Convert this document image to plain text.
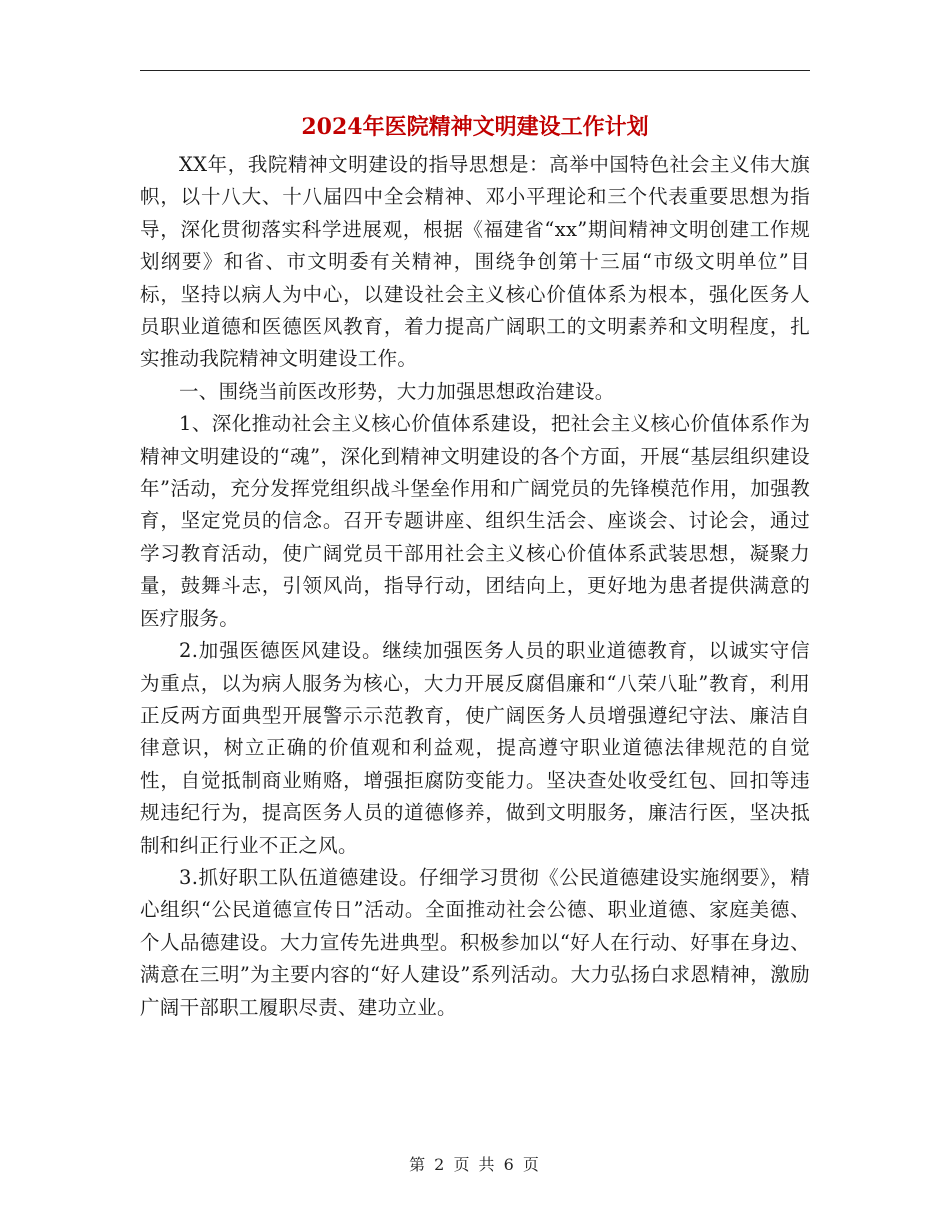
2024年医院精神文明建设工作计划

XX年，我院精神文明建设的指导思想是：高举中国特色社会主义伟大旗帜，以十八大、十八届四中全会精神、邓小平理论和三个代表重要思想为指导，深化贯彻落实科学进展观，根据《福建省“xx”期间精神文明创建工作规划纲要》和省、市文明委有关精神，围绕争创第十三届“市级文明单位”目标，坚持以病人为中心，以建设社会主义核心价值体系为根本，强化医务人员职业道德和医德医风教育，着力提高广阔职工的文明素养和文明程度，扎实推动我院精神文明建设工作。

一、围绕当前医改形势，大力加强思想政治建设。

1、深化推动社会主义核心价值体系建设，把社会主义核心价值体系作为精神文明建设的“魂”，深化到精神文明建设的各个方面，开展“基层组织建设年”活动，充分发挥党组织战斗堡垒作用和广阔党员的先锋模范作用，加强教育，坚定党员的信念。召开专题讲座、组织生活会、座谈会、讨论会，通过学习教育活动，使广阔党员干部用社会主义核心价值体系武装思想，凝聚力量，鼓舞斗志，引领风尚，指导行动，团结向上，更好地为患者提供满意的医疗服务。

2.加强医德医风建设。继续加强医务人员的职业道德教育，以诚实守信为重点，以为病人服务为核心，大力开展反腐倡廉和“八荣八耻”教育，利用正反两方面典型开展警示示范教育，使广阔医务人员增强遵纪守法、廉洁自律意识，树立正确的价值观和利益观，提高遵守职业道德法律规范的自觉性，自觉抵制商业贿赂，增强拒腐防变能力。坚决查处收受红包、回扣等违规违纪行为，提高医务人员的道德修养，做到文明服务，廉洁行医，坚决抵制和纠正行业不正之风。

3.抓好职工队伍道德建设。仔细学习贯彻《公民道德建设实施纲要》，精心组织“公民道德宣传日”活动。全面推动社会公德、职业道德、家庭美德、个人品德建设。大力宣传先进典型。积极参加以“好人在行动、好事在身边、满意在三明”为主要内容的“好人建设”系列活动。大力弘扬白求恩精神，激励广阔干部职工履职尽责、建功立业。

第 2 页 共 6 页
